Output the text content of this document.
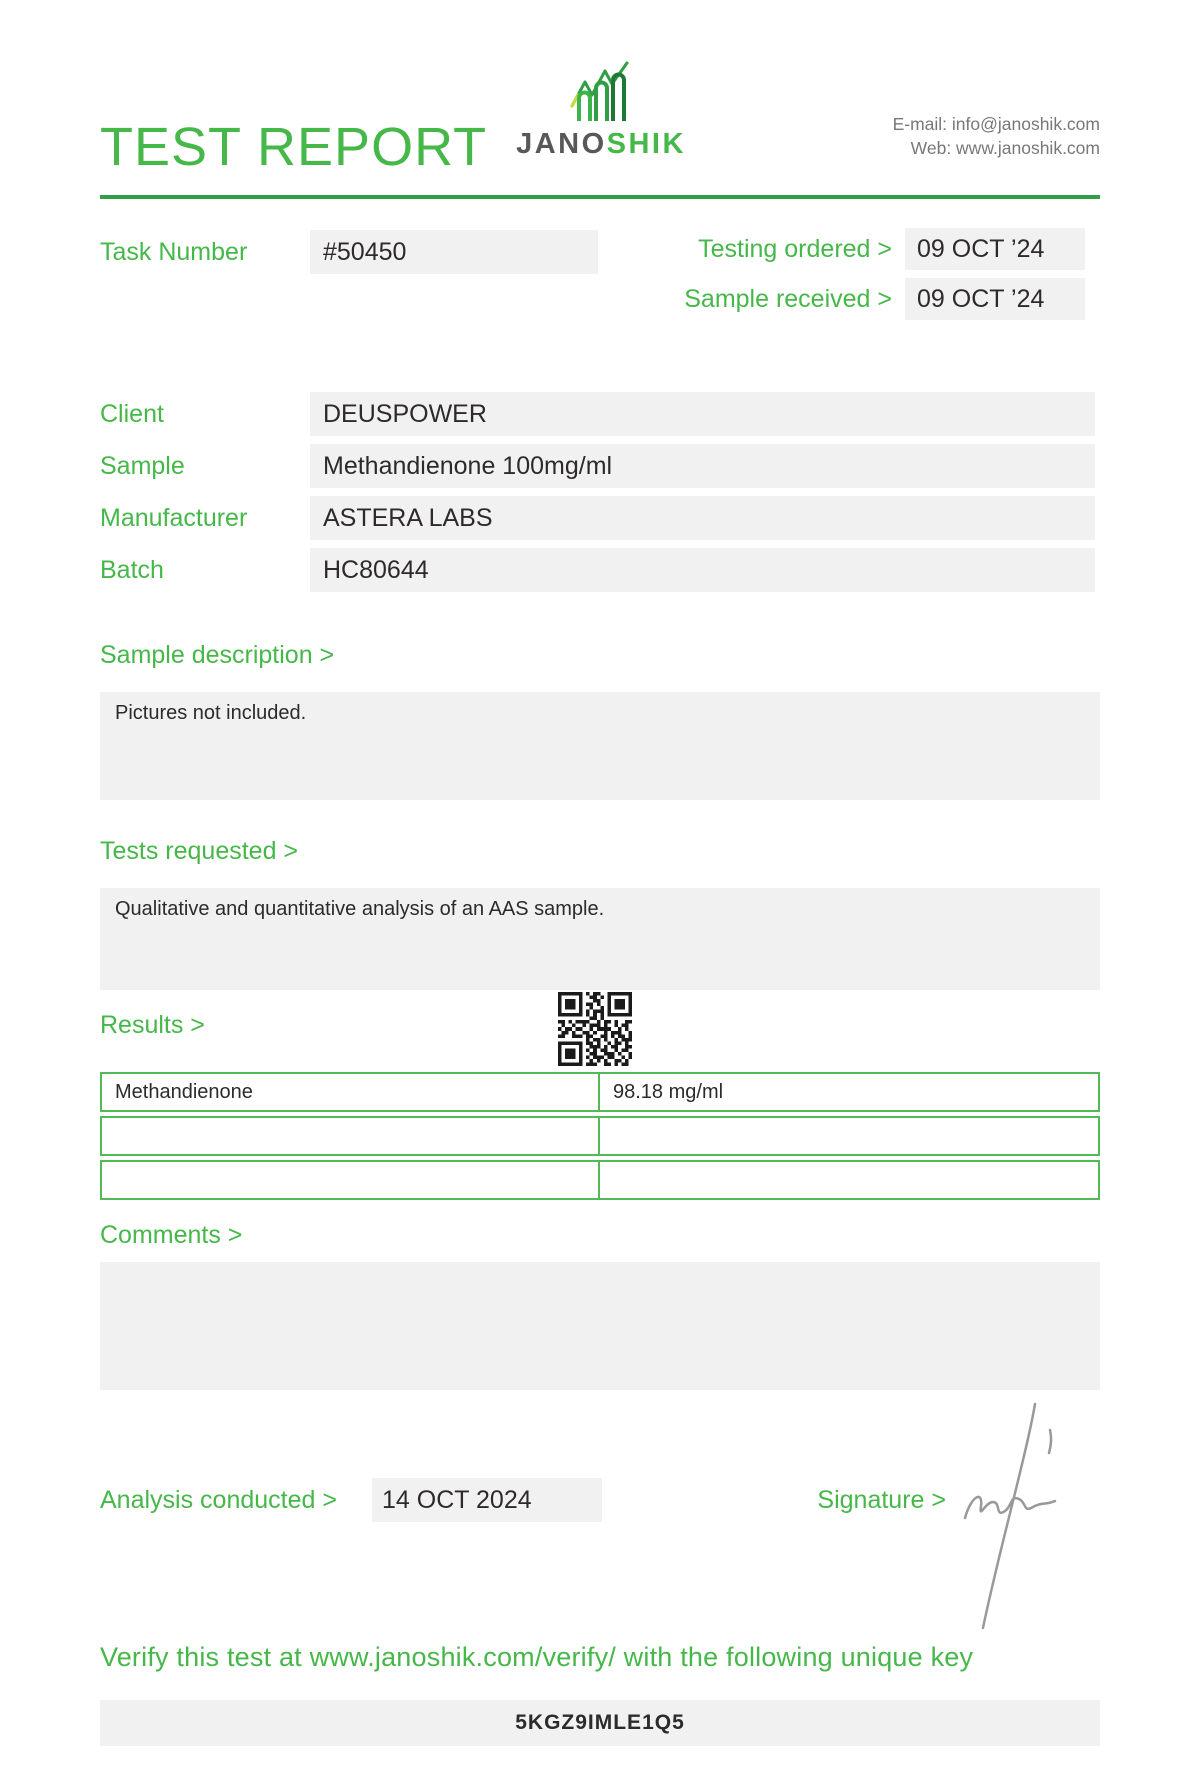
TEST REPORT JANOSHIK
E-mail: info@janoshik.com
Web: www.janoshik.com
Task Number	#50450	Testing ordered >	09 OCT ’24
Sample received >	09 OCT ’24
Client	DEUSPOWER
Sample	Methandienone 100mg/ml
Manufacturer	ASTERA LABS
Batch	HC80644
Sample description >
Pictures not included.
Tests requested >
Qualitative and quantitative analysis of an AAS sample.
Results >
Methandienone	98.18 mg/ml
Comments >
Analysis conducted >	14 OCT 2024	Signature >
Verify this test at www.janoshik.com/verify/ with the following unique key
5KGZ9IMLE1Q5
